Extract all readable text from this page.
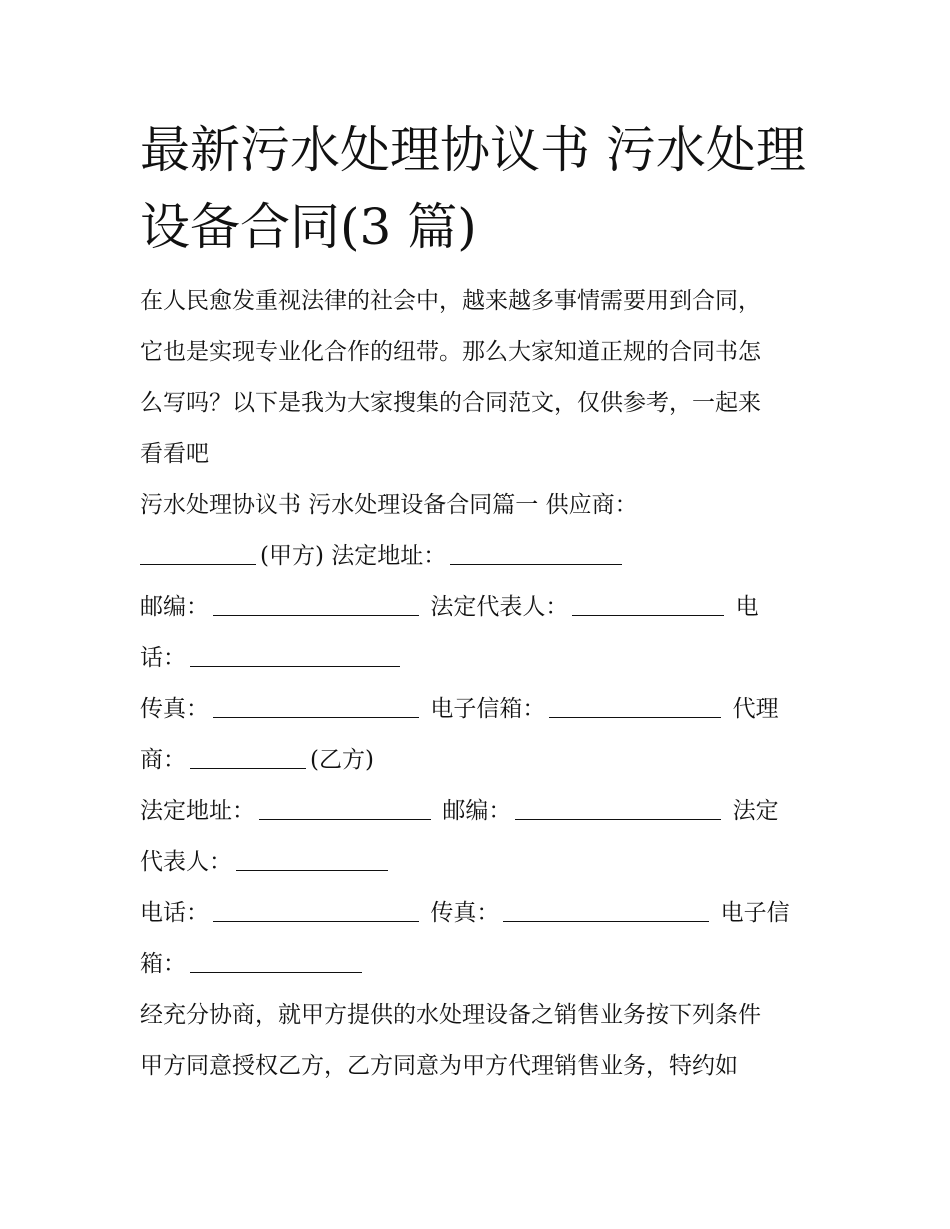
最新污水处理协议书 污水处理
设备合同(3 篇)
在人民愈发重视法律的社会中，越来越多事情需要用到合同，
它也是实现专业化合作的纽带。那么大家知道正规的合同书怎
么写吗？以下是我为大家搜集的合同范文，仅供参考，一起来
看看吧
污水处理协议书 污水处理设备合同篇一 供应商：
(甲方) 法定地址：
邮编：	法定代表人：	电
话：
传真：	电子信箱：	代理
商：	(乙方)
法定地址：	邮编：	法定
代表人：
电话：	传真：	电子信
箱：
经充分协商，就甲方提供的水处理设备之销售业务按下列条件
甲方同意授权乙方，乙方同意为甲方代理销售业务，特约如
